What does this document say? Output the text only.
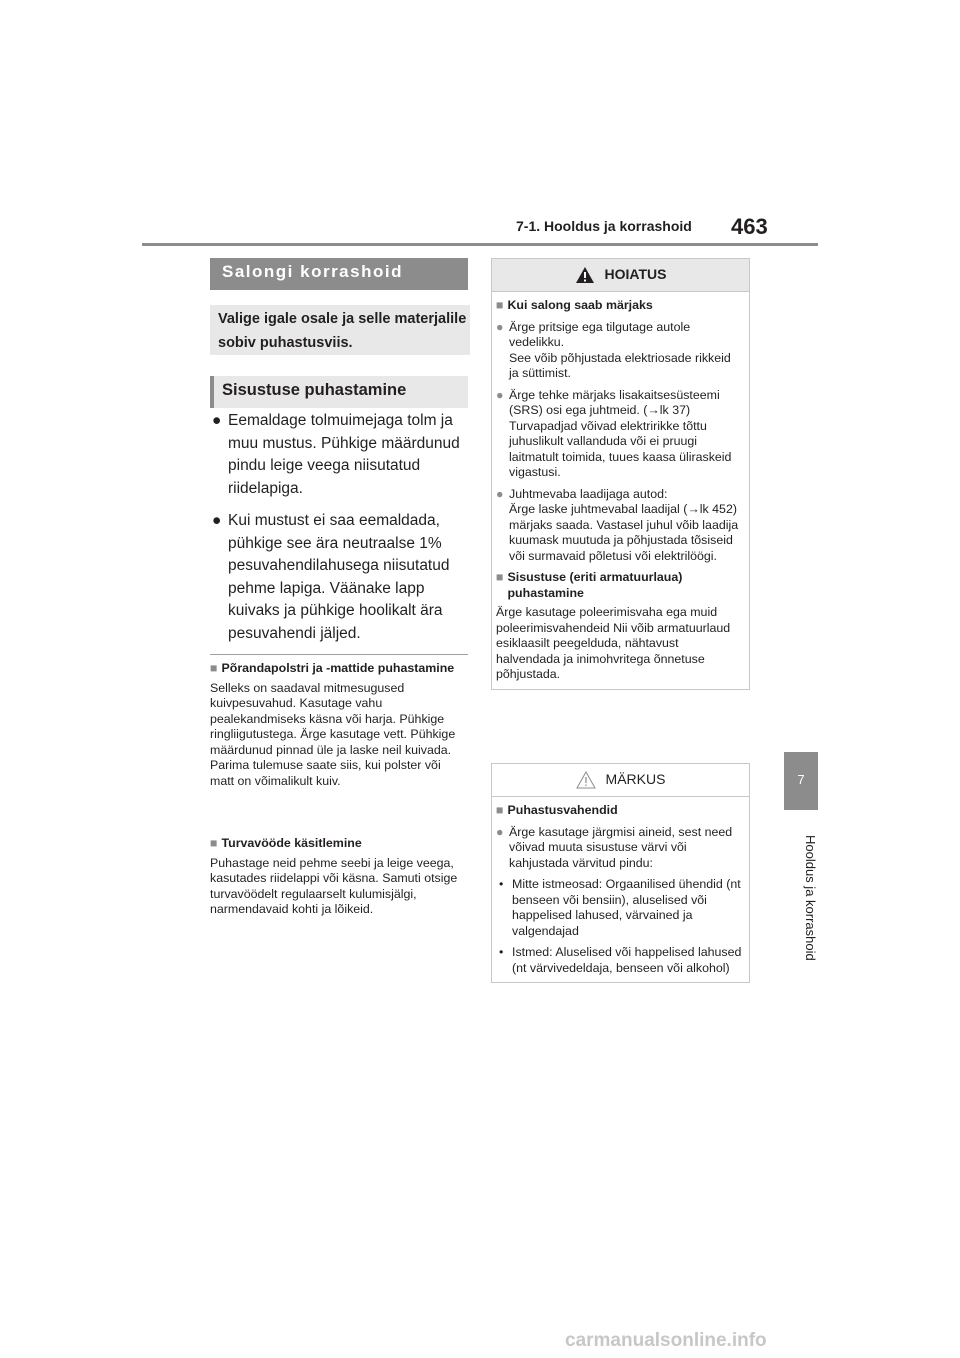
7-1. Hooldus ja korrashoid 463
7
Hooldus ja korrashoid
Salongi korrashoid
Valige igale osale ja selle materjalile sobiv puhastusviis.
Sisustuse puhastamine
● Eemaldage tolmuimejaga tolm ja muu mustus. Pühkige määrdunud pindu leige veega niisutatud riidelapiga.
● Kui mustust ei saa eemaldada, pühkige see ära neutraalse 1% pesuvahendilahusega niisutatud pehme lapiga. Väänake lapp kuivaks ja pühkige hoolikalt ära pesuvahendi jäljed.
■ Põrandapolstri ja -mattide puhastamine

Selleks on saadaval mitmesugused kuivpesuvahud. Kasutage vahu pealekandmiseks käsna või harja. Pühkige ringliigutustega. Ärge kasutage vett. Pühkige määrdunud pinnad üle ja laske neil kuivada. Parima tulemuse saate siis, kui polster või matt on võimalikult kuiv.

■ Turvavööde käsitlemine

Puhastage neid pehme seebi ja leige veega, kasutades riidelappi või käsna. Samuti otsige turvavöödelt regulaarselt kulumisjälgi, narmendavaid kohti ja lõikeid.

HOIATUS
■ Kui salong saab märjaks
● Ärge pritsige ega tilgutage autole vedelikku.
See võib põhjustada elektriosade rikkeid ja süttimist.
● Ärge tehke märjaks lisakaitsesüsteemi (SRS) osi ega juhtmeid. (→lk 37)
Turvapadjad võivad elektririkke tõttu juhuslikult vallanduda või ei pruugi laitmatult toimida, tuues kaasa üliraskeid vigastusi.
● Juhtmevaba laadijaga autod:
Ärge laske juhtmevabal laadijal (→lk 452) märjaks saada. Vastasel juhul võib laadija kuumask muutuda ja põhjustada tõsiseid või surmavaid põletusi või elektrilöögi.
■ Sisustuse (eriti armatuurlaua) puhastamine
Ärge kasutage poleerimisvaha ega muid poleerimisvahendeid Nii võib armatuurlaud esiklaasilt peegelduda, nähtavust halvendada ja inimohvritega õnnetuse põhjustada.
MÄRKUS
■ Puhastusvahendid
● Ärge kasutage järgmisi aineid, sest need võivad muuta sisustuse värvi või kahjustada värvitud pindu:
• Mitte istmeosad: Orgaanilised ühendid (nt benseen või bensiin), aluselised või happelised lahused, värvained ja valgendajad
• Istmed: Aluselised või happelised lahused (nt värvivedeldaja, benseen või alkohol)
carmanualsonline.info
